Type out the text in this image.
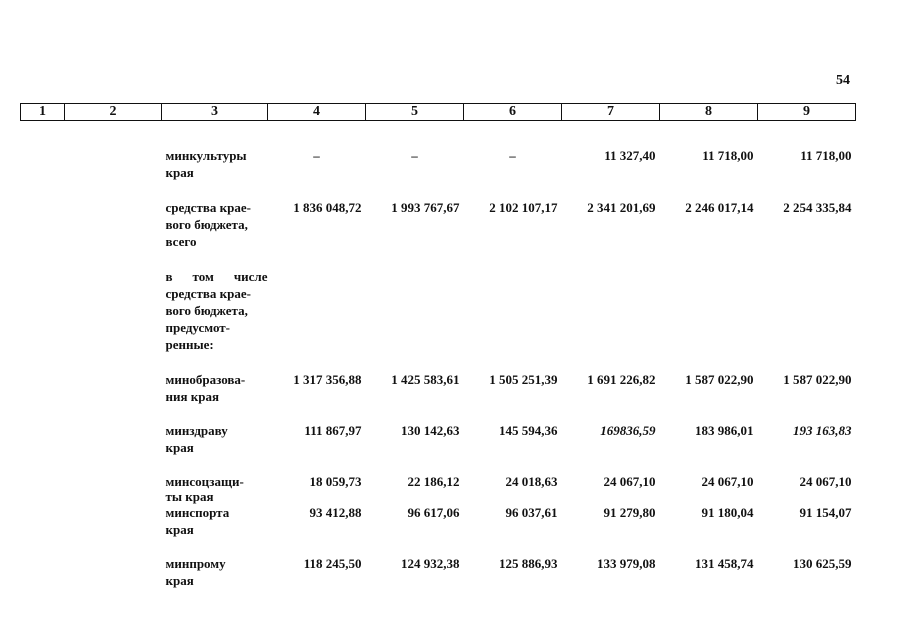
54
1	2	3	4	5	6	7	8	9

		минкультуры
края	–	–	–	11 327,40	11 718,00	11 718,00

		средства крае-
вого бюджета,
всего	1 836 048,72	1 993 767,67	2 102 107,17	2 341 201,69	2 246 017,14	2 254 335,84

		в том числе
средства крае-
вого бюджета,
предусмот-
ренные:						

		минобразова-
ния края	1 317 356,88	1 425 583,61	1 505 251,39	1 691 226,82	1 587 022,90	1 587 022,90

		минздраву
края	111 867,97	130 142,63	145 594,36	169836,59	183 986,01	193 163,83

		минсоцзащи-
ты края	18 059,73	22 186,12	24 018,63	24 067,10	24 067,10	24 067,10

		минспорта
края	93 412,88	96 617,06	96 037,61	91 279,80	91 180,04	91 154,07

		минпрому
края	118 245,50	124 932,38	125 886,93	133 979,08	131 458,74	130 625,59
